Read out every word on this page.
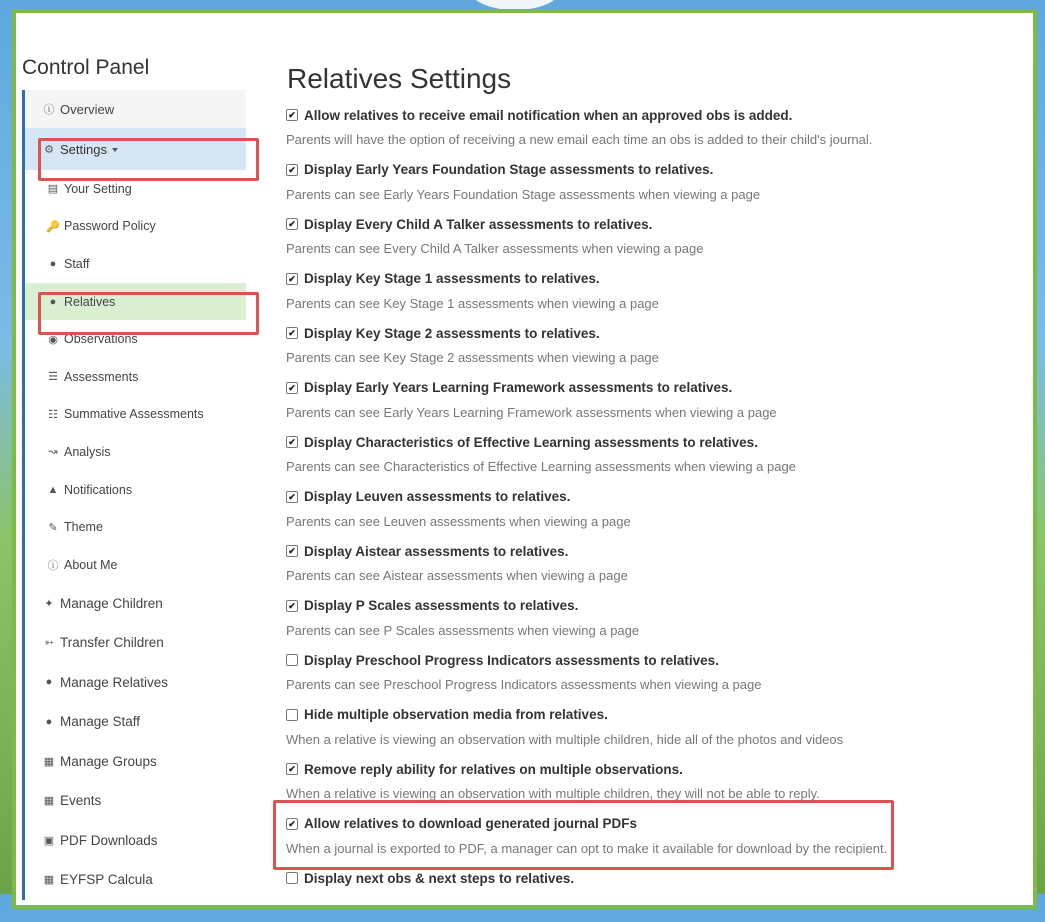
Control Panel
ⓘ Overview
⚙ Settings
▤ Your Setting
🔑 Password Policy
● Staff
● Relatives
◉ Observations
☰ Assessments
☷ Summative Assessments
↝ Analysis
▲ Notifications
✎ Theme
ⓘ About Me
✦ Manage Children
➳ Transfer Children
● Manage Relatives
● Manage Staff
▦ Manage Groups
▦ Events
▣ PDF Downloads
▦ EYFSP Calcula
Relatives Settings
✔ Allow relatives to receive email notification when an approved obs is added.
Parents will have the option of receiving a new email each time an obs is added to their child's journal.
✔ Display Early Years Foundation Stage assessments to relatives.
Parents can see Early Years Foundation Stage assessments when viewing a page
✔ Display Every Child A Talker assessments to relatives.
Parents can see Every Child A Talker assessments when viewing a page
✔ Display Key Stage 1 assessments to relatives.
Parents can see Key Stage 1 assessments when viewing a page
✔ Display Key Stage 2 assessments to relatives.
Parents can see Key Stage 2 assessments when viewing a page
✔ Display Early Years Learning Framework assessments to relatives.
Parents can see Early Years Learning Framework assessments when viewing a page
✔ Display Characteristics of Effective Learning assessments to relatives.
Parents can see Characteristics of Effective Learning assessments when viewing a page
✔ Display Leuven assessments to relatives.
Parents can see Leuven assessments when viewing a page
✔ Display Aistear assessments to relatives.
Parents can see Aistear assessments when viewing a page
✔ Display P Scales assessments to relatives.
Parents can see P Scales assessments when viewing a page
Display Preschool Progress Indicators assessments to relatives.
Parents can see Preschool Progress Indicators assessments when viewing a page
Hide multiple observation media from relatives.
When a relative is viewing an observation with multiple children, hide all of the photos and videos
✔ Remove reply ability for relatives on multiple observations.
When a relative is viewing an observation with multiple children, they will not be able to reply.
✔ Allow relatives to download generated journal PDFs
When a journal is exported to PDF, a manager can opt to make it available for download by the recipient.
Display next obs & next steps to relatives.
